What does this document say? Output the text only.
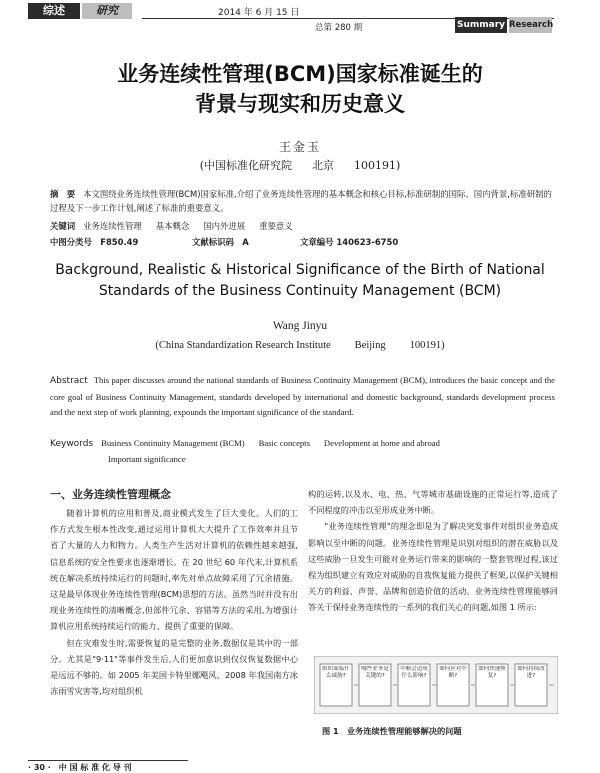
综述	研究	2014 年 6 月 15 日
总第 280 期	Summary Research
业务连续性管理(BCM)国家标准诞生的
背景与现实和历史意义
王金玉
(中国标准化研究院 北京 100191)
摘　要 本文围绕业务连续性管理(BCM)国家标准,介绍了业务连续性管理的基本概念和核心目标,标准研制的国际、国内背景,标准研制的过程及下一步工作计划,阐述了标准的重要意义。
关键词 业务连续性管理 基本概念 国内外进展 重要意义
中图分类号　F850.49	文献标识码　A	文章编号 140623-6750
Background, Realistic & Historical Significance of the Birth of National
Standards of the Business Continuity Management (BCM)
Wang Jinyu
(China Standardization Research Institute Beijing 100191)
Abstract This paper discusses around the national standards of Business Continuity Management (BCM), introduces the basic concept and the core goal of Business Continuity Management, standards developed by international and domestic background, standards development process and the next step of work planning, expounds the important significance of the standard.
Keywords Business Continuity Management (BCM) Basic concepts Development at home and abroad
Important significance
一、业务连续性管理概念

随着计算机的应用和普及,商业模式发生了巨大变化。人们的工作方式发生根本性改变,通过运用计算机大大提升了工作效率并且节省了大量的人力和物力。人类生产生活对计算机的依赖性越来越强,信息系统的安全性要求也逐渐增长。在 20 世纪 60 年代末,计算机系统在解决系统持续运行的问题时,率先对单点故障采用了冗余措施。这是最早体现业务连续性管理(BCM)思想的方法。虽然当时并没有出现业务连续性的清晰概念,但部件冗余、容错等方法的采用,为增强计算机应用系统持续运行的能力、提供了重要的保障。

但在灾难发生时,需要恢复的是完整的业务,数据仅是其中的一部分。尤其是"9·11"等事件发生后,人们更加意识到仅仅恢复数据中心是远远不够的。如 2005 年美国卡特里娜飓风、2008 年我国南方冰冻雨雪灾害等,均对组织机

构的运转,以及水、电、热、气等城市基础设施的正常运行等,造成了不同程度的冲击以至形成业务中断。

"业务连续性管理"的理念即是为了解决突发事件对组织业务造成影响以至中断的问题。业务连续性管理是识别对组织的潜在威胁以及这些威胁一旦发生可能对业务运行带来的影响的一整套管理过程,该过程为组织建立有效应对威胁的自我恢复能力提供了框架,以保护关键相关方的利益、声誉、品牌和创造价值的活动。业务连续性管理能够回答关于保持业务连续性的一系列的我们关心的问题,如图 1 所示:

组织面临什么威胁?
哪些业务是关键的?
中断会造成什么影响?
如何应对中断?
如何快速恢复?
如何持续改进?
图 1　业务连续性管理能够解决的问题
· 30 ·　中 国 标 准 化 导 刊
